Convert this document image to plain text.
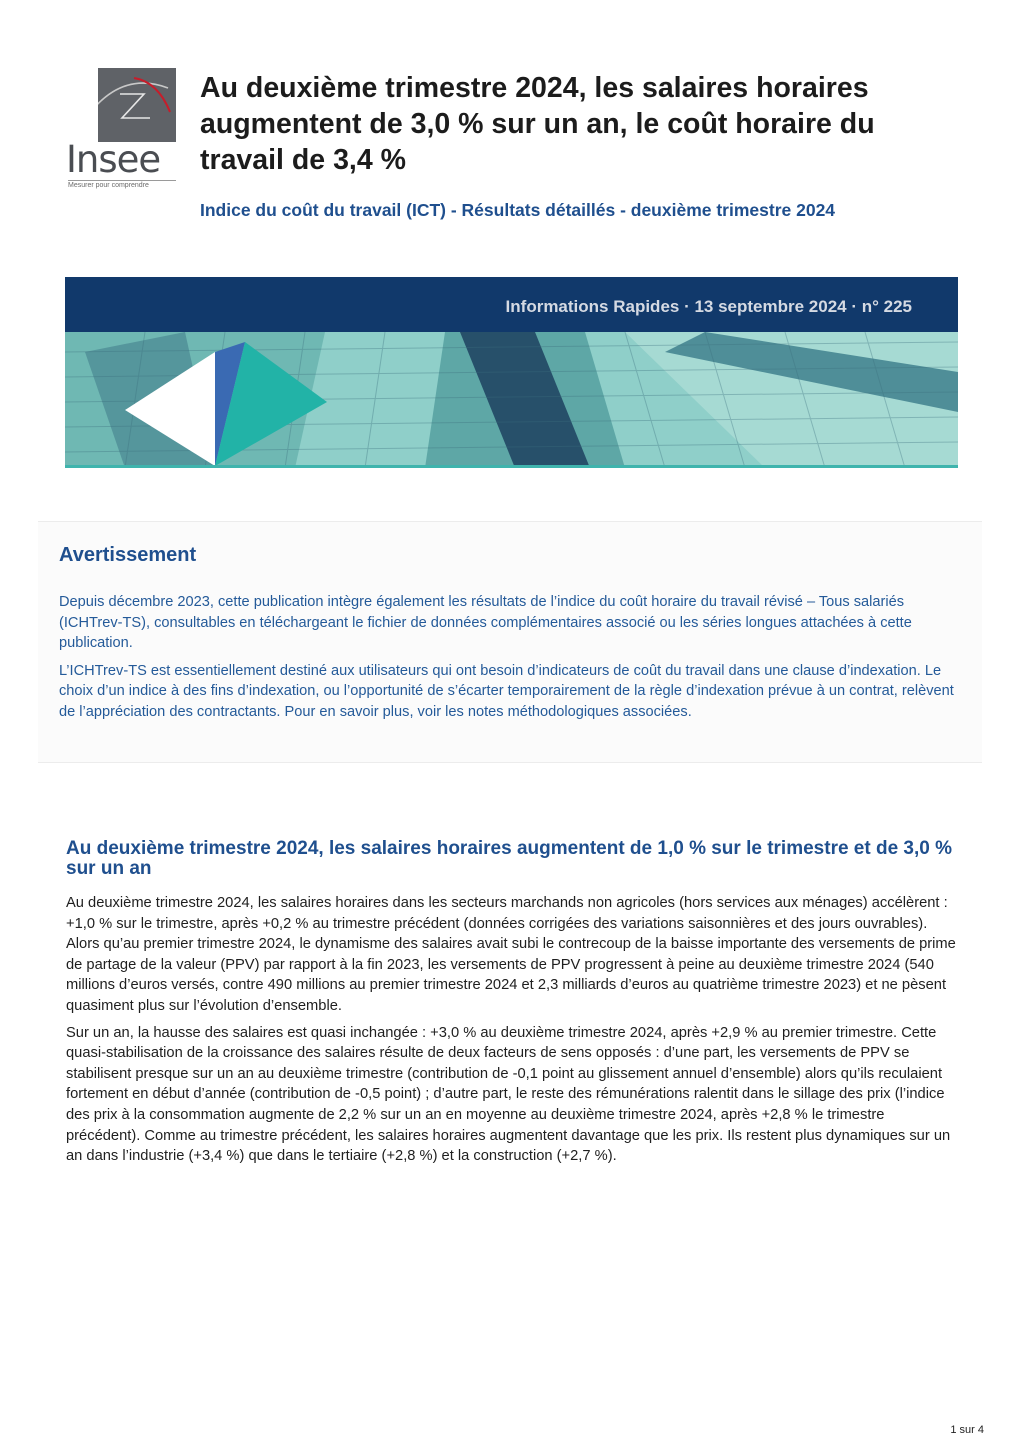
Insee
Mesurer pour comprendre
Au deuxième trimestre 2024, les salaires horaires augmentent de 3,0 % sur un an, le coût horaire du travail de 3,4 %
Indice du coût du travail (ICT) - Résultats détaillés - deuxième trimestre 2024
Informations Rapides · 13 septembre 2024 · n° 225
Avertissement

Depuis décembre 2023, cette publication intègre également les résultats de l’indice du coût horaire du travail révisé – Tous salariés (ICHTrev-TS), consultables en téléchargeant le fichier de données complémentaires associé ou les séries longues attachées à cette publication.

L’ICHTrev-TS est essentiellement destiné aux utilisateurs qui ont besoin d’indicateurs de coût du travail dans une clause d’indexation. Le choix d’un indice à des fins d’indexation, ou l’opportunité de s’écarter temporairement de la règle d’indexation prévue à un contrat, relèvent de l’appréciation des contractants. Pour en savoir plus, voir les notes méthodologiques associées.

Au deuxième trimestre 2024, les salaires horaires augmentent de 1,0 % sur le trimestre et de 3,0 % sur un an

Au deuxième trimestre 2024, les salaires horaires dans les secteurs marchands non agricoles (hors services aux ménages) accélèrent : +1,0 % sur le trimestre, après +0,2 % au trimestre précédent (données corrigées des variations saisonnières et des jours ouvrables). Alors qu’au premier trimestre 2024, le dynamisme des salaires avait subi le contrecoup de la baisse importante des versements de prime de partage de la valeur (PPV) par rapport à la fin 2023, les versements de PPV progressent à peine au deuxième trimestre 2024 (540 millions d’euros versés, contre 490 millions au premier trimestre 2024 et 2,3 milliards d’euros au quatrième trimestre 2023) et ne pèsent quasiment plus sur l’évolution d’ensemble.

Sur un an, la hausse des salaires est quasi inchangée : +3,0 % au deuxième trimestre 2024, après +2,9 % au premier trimestre. Cette quasi-stabilisation de la croissance des salaires résulte de deux facteurs de sens opposés : d’une part, les versements de PPV se stabilisent presque sur un an au deuxième trimestre (contribution de -0,1 point au glissement annuel d’ensemble) alors qu’ils reculaient fortement en début d’année (contribution de -0,5 point) ; d’autre part, le reste des rémunérations ralentit dans le sillage des prix (l’indice des prix à la consommation augmente de 2,2 % sur un an en moyenne au deuxième trimestre 2024, après +2,8 % le trimestre précédent). Comme au trimestre précédent, les salaires horaires augmentent davantage que les prix. Ils restent plus dynamiques sur un an dans l’industrie (+3,4 %) que dans le tertiaire (+2,8 %) et la construction (+2,7 %).

1 sur 4
